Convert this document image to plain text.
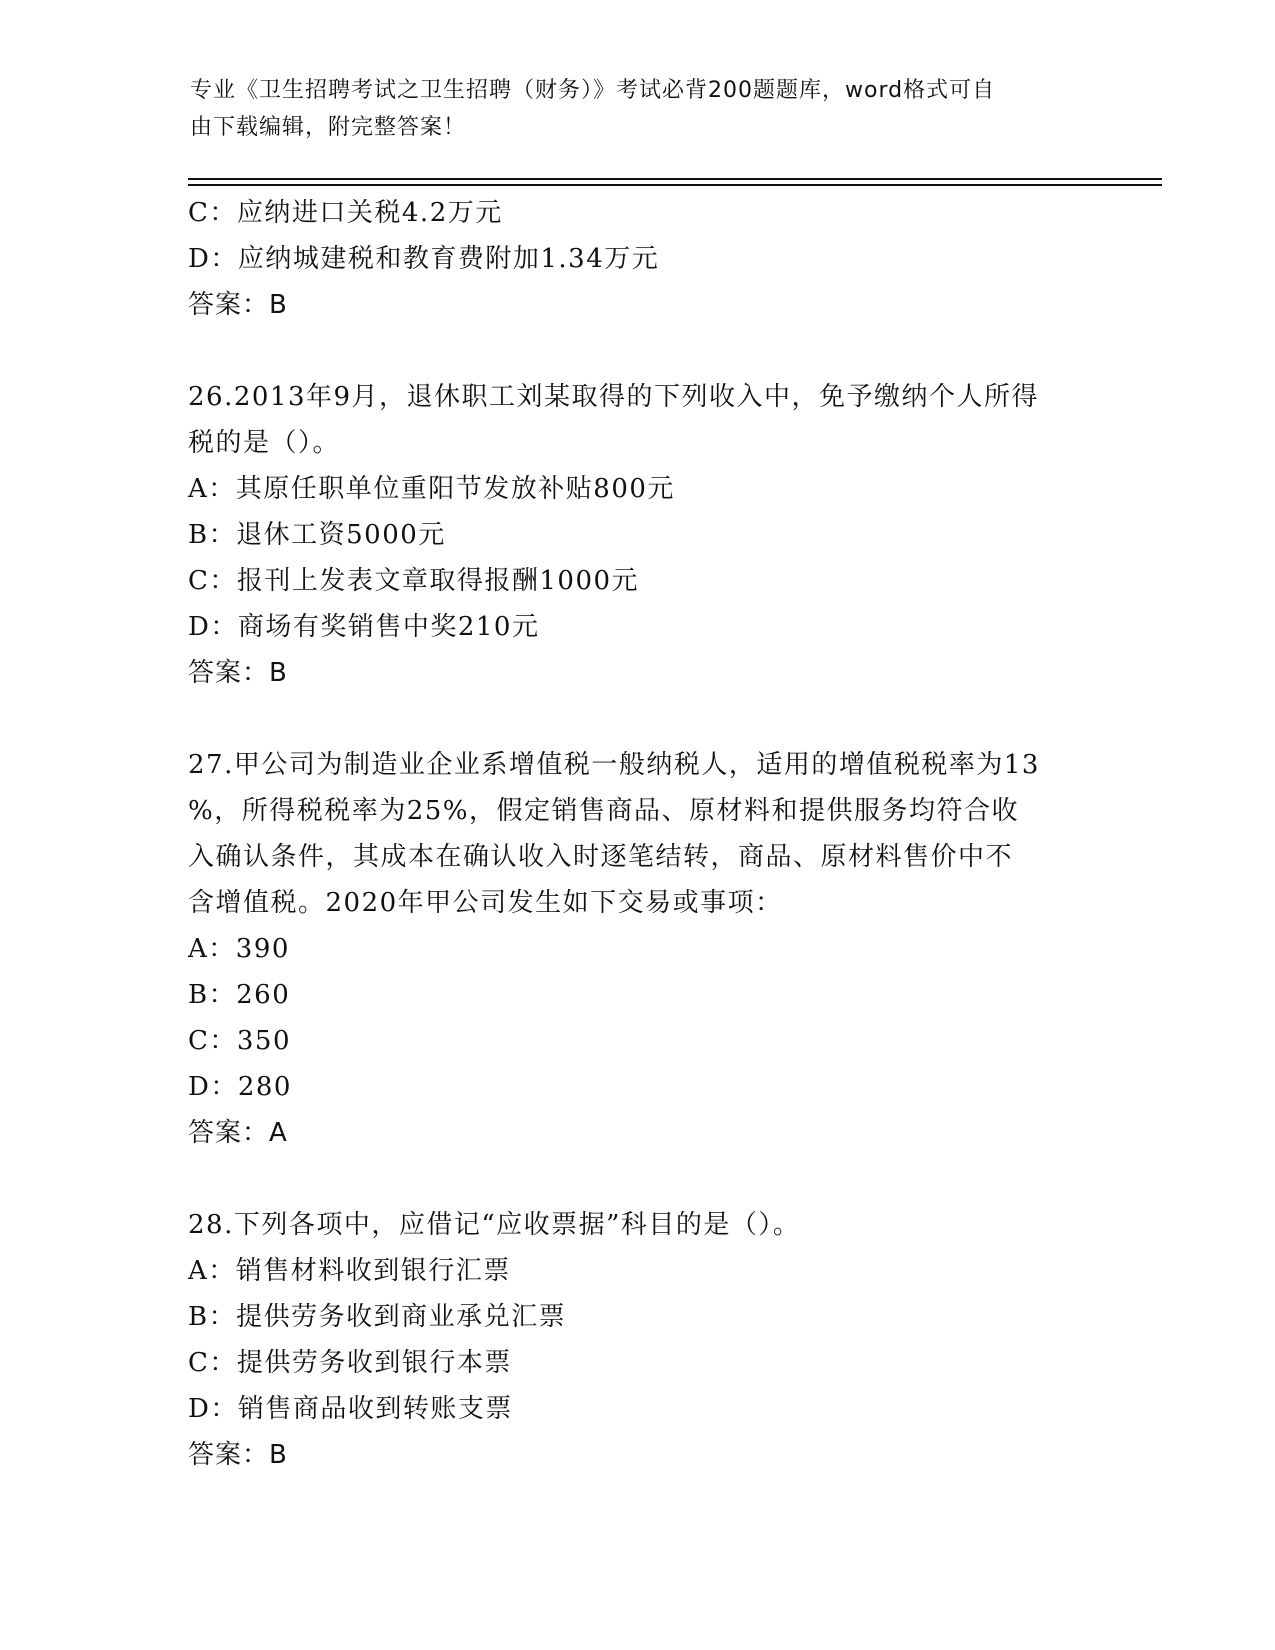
专业《卫生招聘考试之卫生招聘（财务）》考试必背200题题库，word格式可自
由下载编辑，附完整答案！
C：应纳进口关税4.2万元
D：应纳城建税和教育费附加1.34万元
答案：B
26.2013年9月，退休职工刘某取得的下列收入中，免予缴纳个人所得
税的是（）。
A：其原任职单位重阳节发放补贴800元
B：退休工资5000元
C：报刊上发表文章取得报酬1000元
D：商场有奖销售中奖210元
答案：B
27.甲公司为制造业企业系增值税一般纳税人，适用的增值税税率为13
%，所得税税率为25%，假定销售商品、原材料和提供服务均符合收
入确认条件，其成本在确认收入时逐笔结转，商品、原材料售价中不
含增值税。2020年甲公司发生如下交易或事项：
A：390
B：260
C：350
D：280
答案：A
28.下列各项中，应借记“应收票据”科目的是（）。
A：销售材料收到银行汇票
B：提供劳务收到商业承兑汇票
C：提供劳务收到银行本票
D：销售商品收到转账支票
答案：B
